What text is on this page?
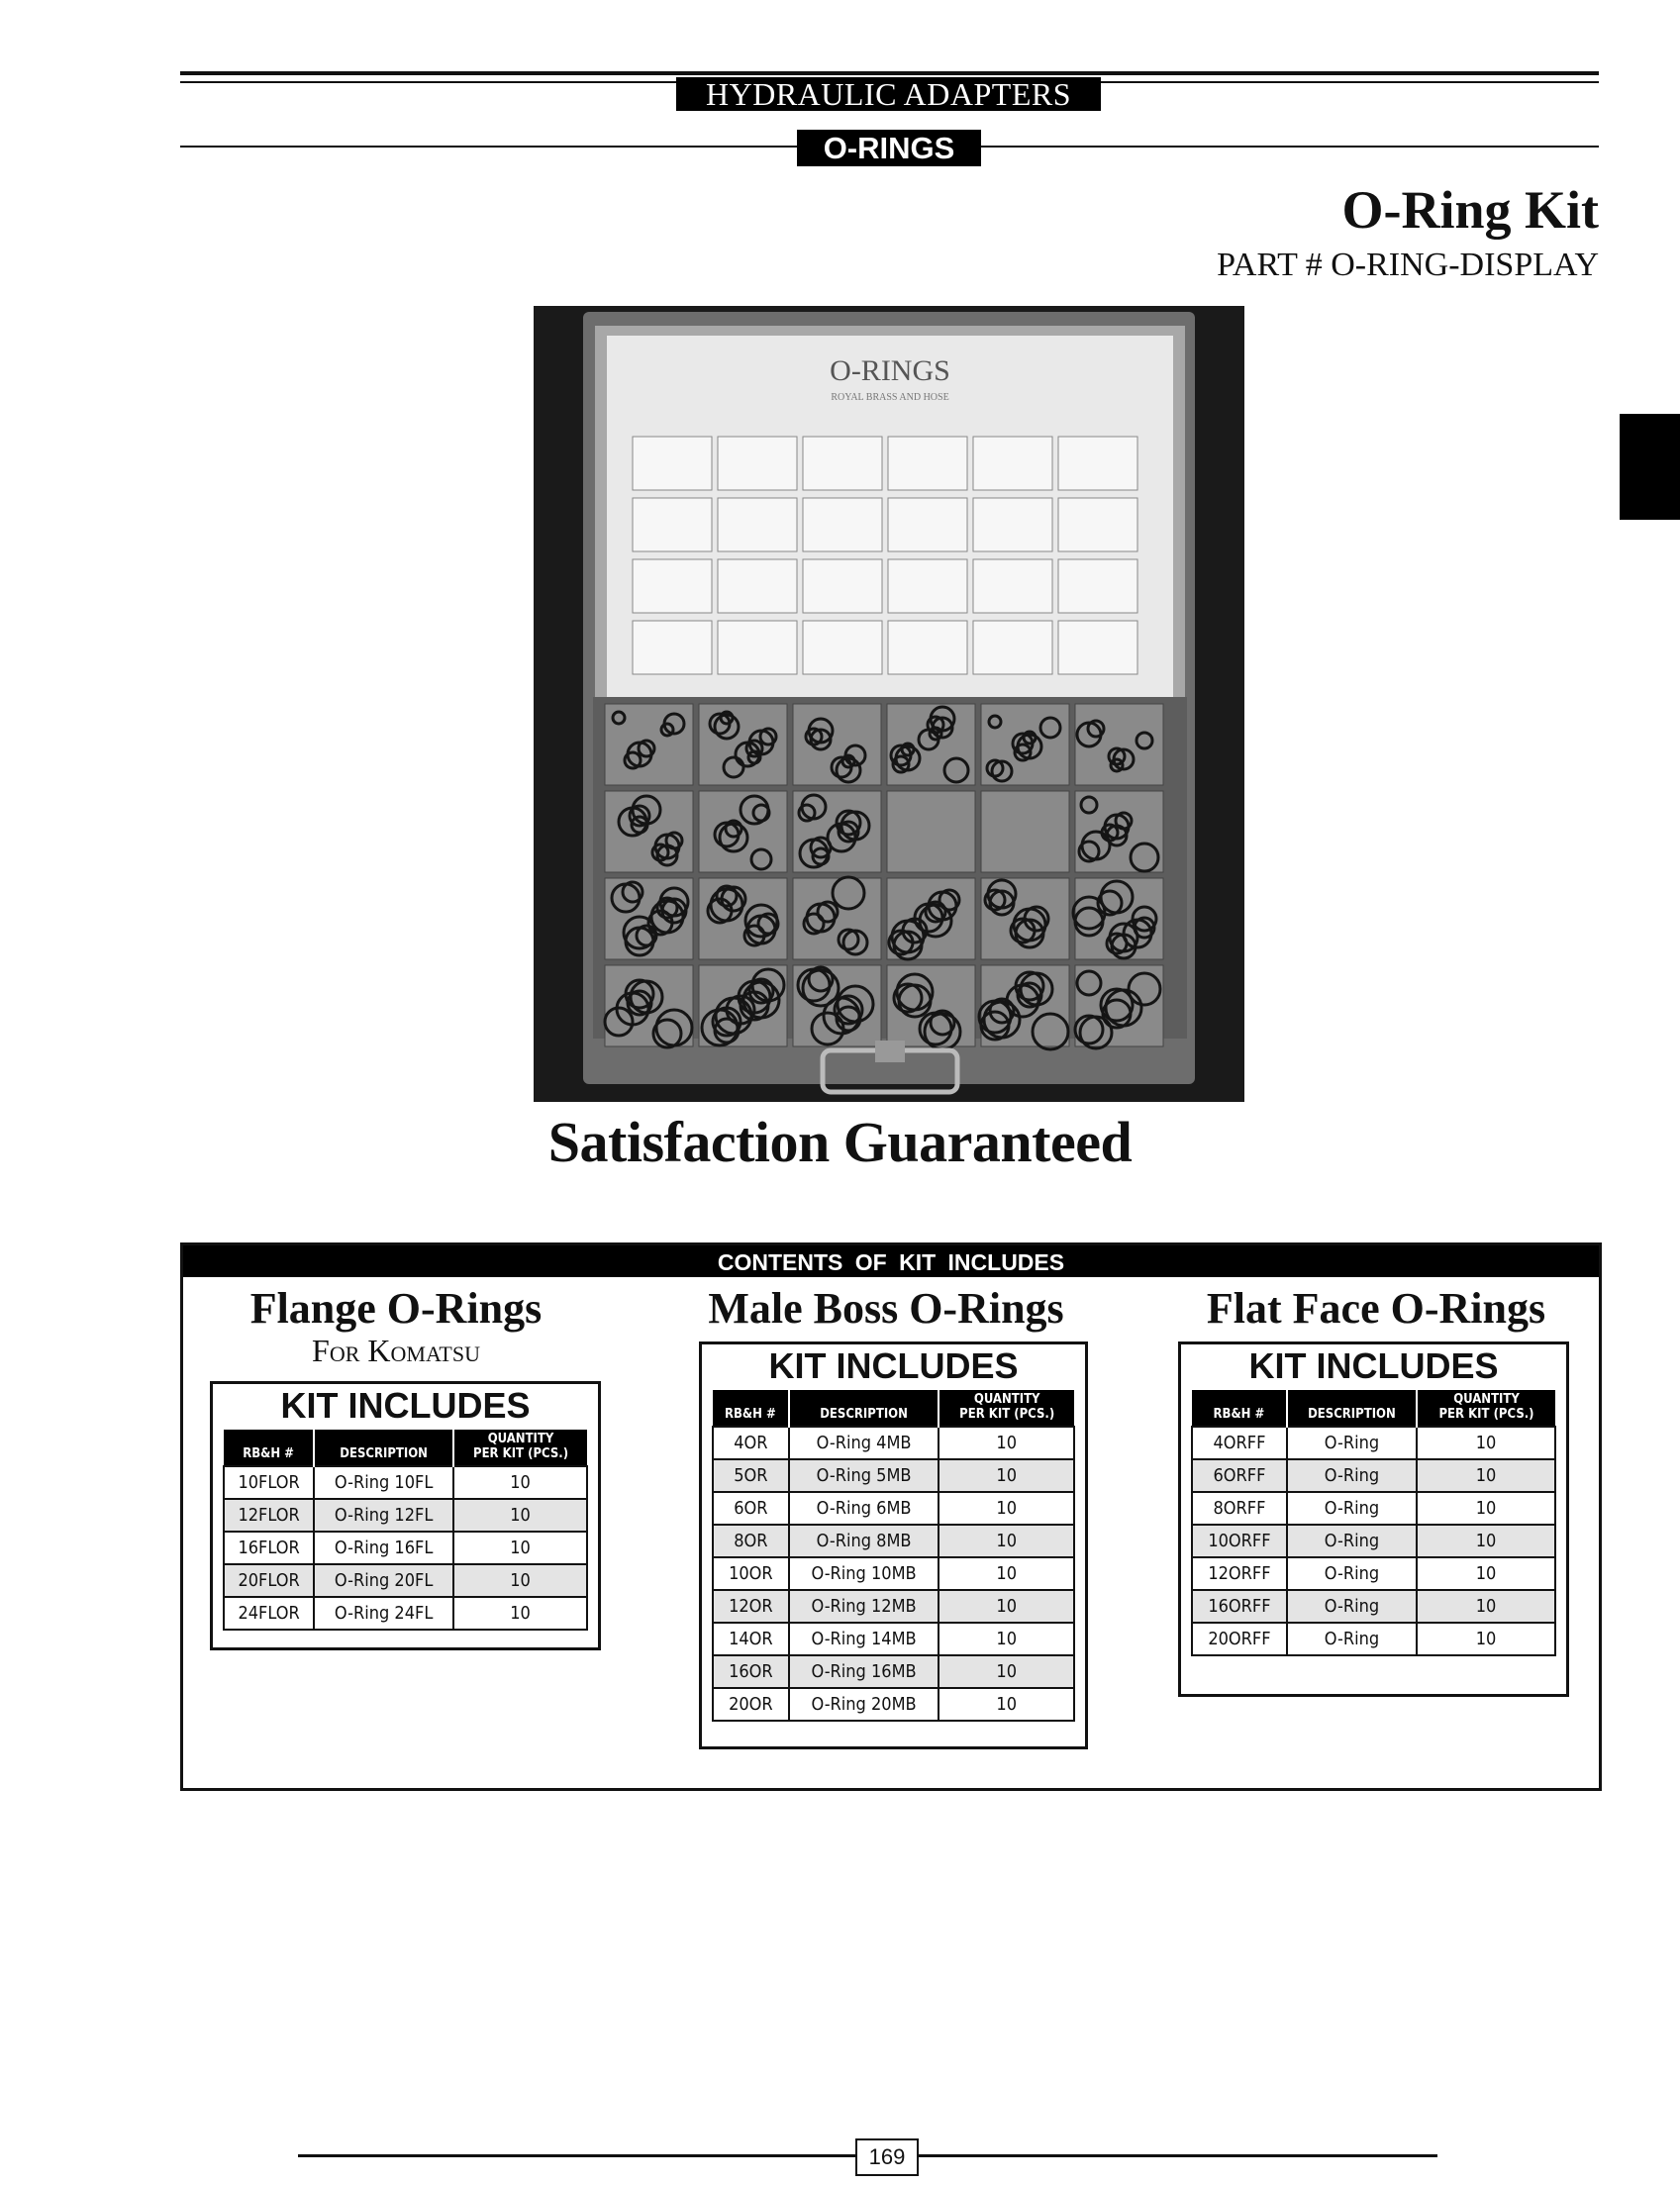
HYDRAULIC ADAPTERS
O-RINGS
O-Ring Kit
PART # O-RING-DISPLAY
O-RINGS
ROYAL BRASS AND HOSE
Satisfaction Guaranteed
CONTENTS OF KIT INCLUDES
Flange O-Rings
For Komatsu
KIT INCLUDES
RB&H #	DESCRIPTION	QUANTITY
PER KIT (PCS.)
10FLOR	O-Ring 10FL	10
12FLOR	O-Ring 12FL	10
16FLOR	O-Ring 16FL	10
20FLOR	O-Ring 20FL	10
24FLOR	O-Ring 24FL	10
Male Boss O-Rings
KIT INCLUDES
RB&H #	DESCRIPTION	QUANTITY
PER KIT (PCS.)
4OR	O-Ring 4MB	10
5OR	O-Ring 5MB	10
6OR	O-Ring 6MB	10
8OR	O-Ring 8MB	10
10OR	O-Ring 10MB	10
12OR	O-Ring 12MB	10
14OR	O-Ring 14MB	10
16OR	O-Ring 16MB	10
20OR	O-Ring 20MB	10
Flat Face O-Rings
KIT INCLUDES
RB&H #	DESCRIPTION	QUANTITY
PER KIT (PCS.)
4ORFF	O-Ring	10
6ORFF	O-Ring	10
8ORFF	O-Ring	10
10ORFF	O-Ring	10
12ORFF	O-Ring	10
16ORFF	O-Ring	10
20ORFF	O-Ring	10
169
